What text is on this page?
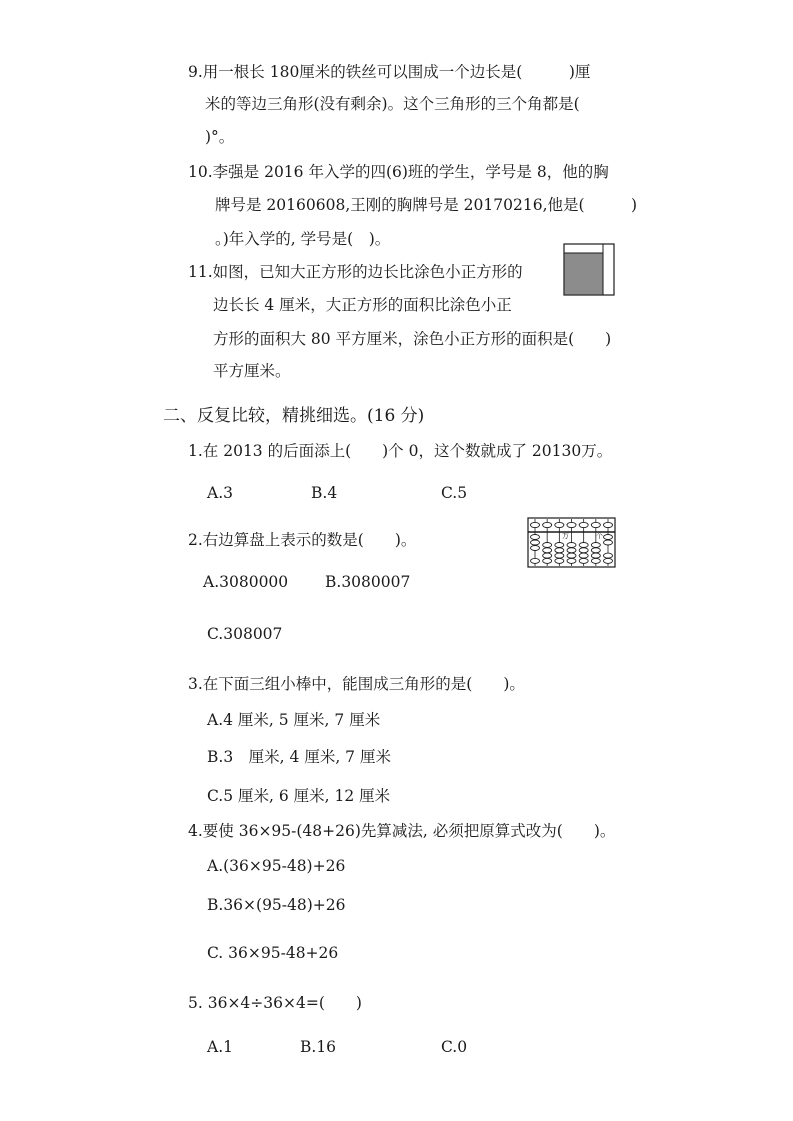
9.用一根长 180厘米的铁丝可以围成一个边长是(　　　)厘
米的等边三角形(没有剩余)。这个三角形的三个角都是(
)°。
10.李强是 2016 年入学的四(6)班的学生，学号是 8，他的胸
牌号是 20160608,王刚的胸牌号是 20170216,他是(　　　)
。)年入学的, 学号是(　)。
11.如图，已知大正方形的边长比涂色小正方形的
边长长 4 厘米，大正方形的面积比涂色小正
方形的面积大 80 平方厘米，涂色小正方形的面积是(　　)
平方厘米。
二、反复比较，精挑细选。(16 分)
1.在 2013 的后面添上(　　)个 0，这个数就成了 20130万。
A.3	B.4	C.5
2.右边算盘上表示的数是(　　)。
A.3080000 B.3080007
C.308007
万	个
3.在下面三组小棒中，能围成三角形的是(　　)。
A.4 厘米, 5 厘米, 7 厘米
B.3　厘米, 4 厘米, 7 厘米
C.5 厘米, 6 厘米, 12 厘米
4.要使 36×95-(48+26)先算减法, 必须把原算式改为(　　)。
A.(36×95-48)+26
B.36×(95-48)+26
C. 36×95-48+26
5. 36×4÷36×4=(　　)
A.1	B.16	C.0
